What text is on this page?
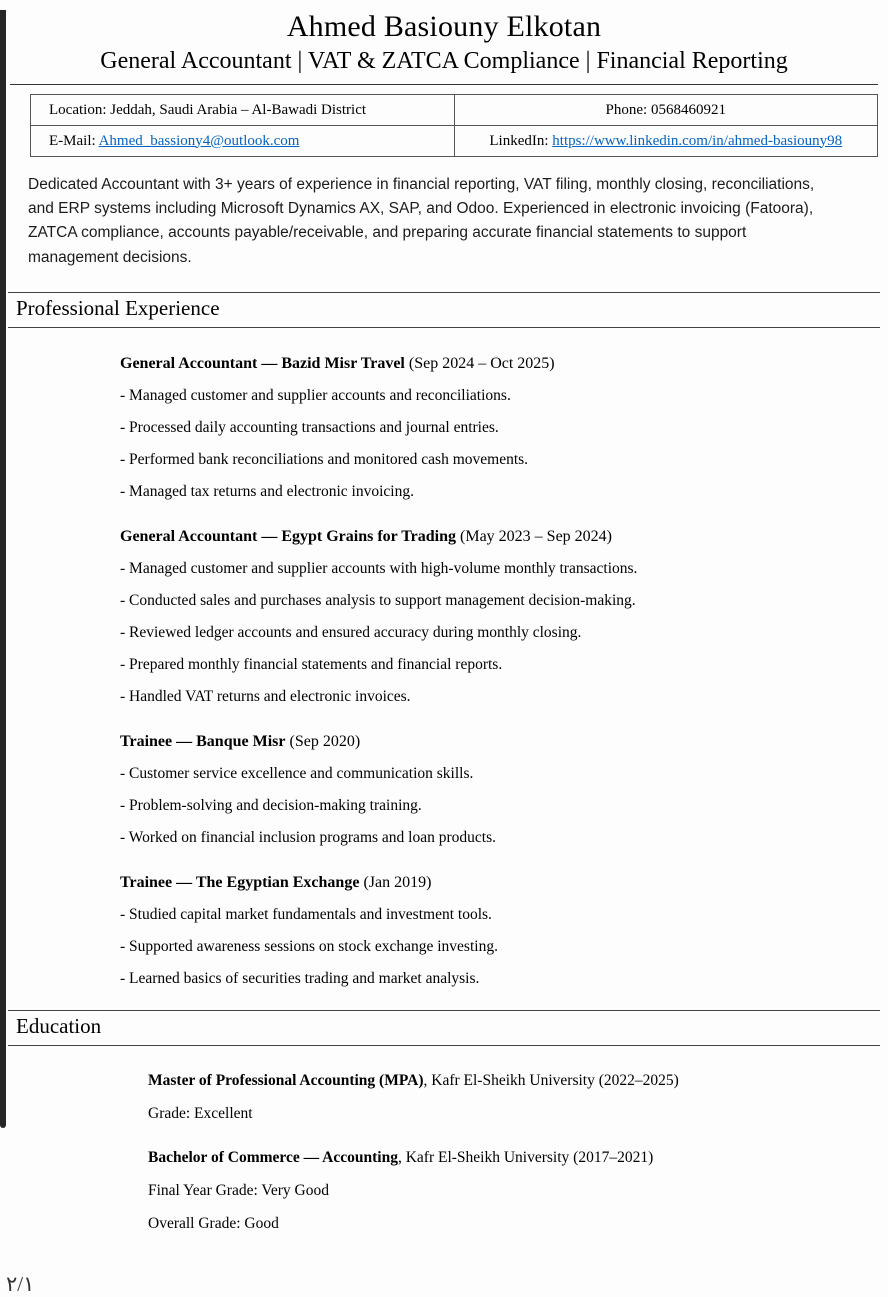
Ahmed Basiouny Elkotan
General Accountant | VAT & ZATCA Compliance | Financial Reporting
Location: Jeddah, Saudi Arabia – Al-Bawadi District	Phone: 0568460921
E-Mail: Ahmed_bassiony4@outlook.com	LinkedIn: https://www.linkedin.com/in/ahmed-basiouny98

Dedicated Accountant with 3+ years of experience in financial reporting, VAT filing, monthly closing, reconciliations, and ERP systems including Microsoft Dynamics AX, SAP, and Odoo. Experienced in electronic invoicing (Fatoora), ZATCA compliance, accounts payable/receivable, and preparing accurate financial statements to support management decisions.

Professional Experience

General Accountant — Bazid Misr Travel (Sep 2024 – Oct 2025)

- Managed customer and supplier accounts and reconciliations.

- Processed daily accounting transactions and journal entries.

- Performed bank reconciliations and monitored cash movements.

- Managed tax returns and electronic invoicing.

General Accountant — Egypt Grains for Trading (May 2023 – Sep 2024)

- Managed customer and supplier accounts with high-volume monthly transactions.

- Conducted sales and purchases analysis to support management decision-making.

- Reviewed ledger accounts and ensured accuracy during monthly closing.

- Prepared monthly financial statements and financial reports.

- Handled VAT returns and electronic invoices.

Trainee — Banque Misr (Sep 2020)

- Customer service excellence and communication skills.

- Problem-solving and decision-making training.

- Worked on financial inclusion programs and loan products.

Trainee — The Egyptian Exchange (Jan 2019)

- Studied capital market fundamentals and investment tools.

- Supported awareness sessions on stock exchange investing.

- Learned basics of securities trading and market analysis.

Education

Master of Professional Accounting (MPA), Kafr El-Sheikh University (2022–2025)

Grade: Excellent

Bachelor of Commerce — Accounting, Kafr El-Sheikh University (2017–2021)

Final Year Grade: Very Good

Overall Grade: Good

۲/۱
